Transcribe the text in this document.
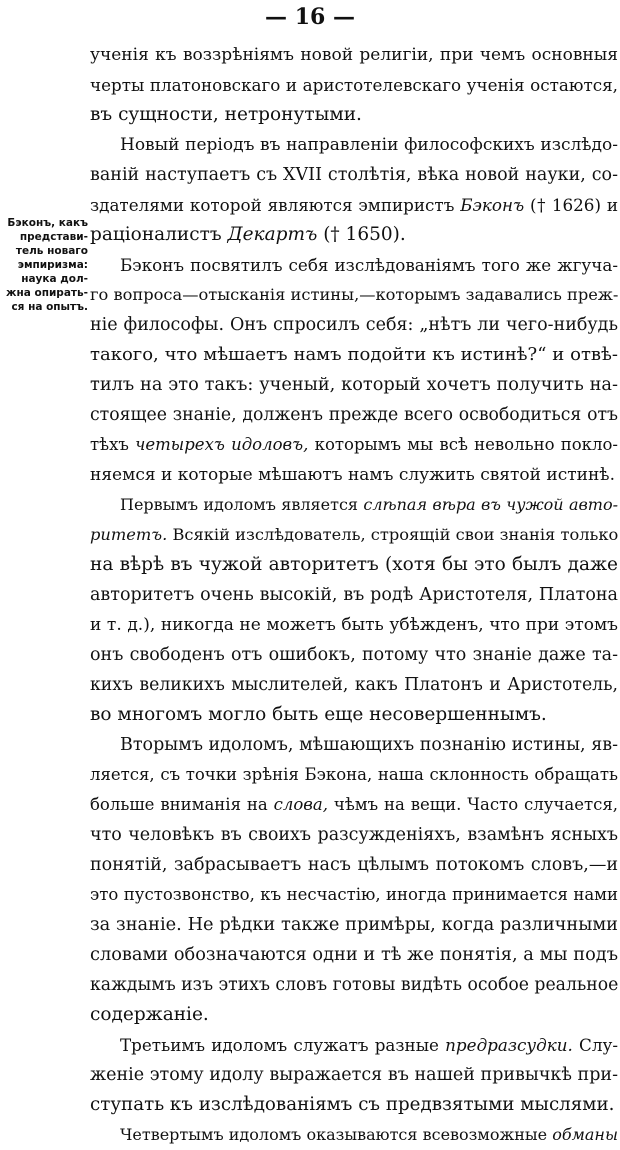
— 16 —
Бэконъ, какъ
представи-
тель новаго
эмпиризма:
наука дол-
жна опирать-
ся на опытъ.
ученія къ воззрѣніямъ новой религіи, при чемъ основныя
черты платоновскаго и аристотелевскаго ученія остаются,
въ сущности, нетронутыми.
Новый періодъ въ направленіи философскихъ изслѣдо-
ваній наступаетъ съ XVII столѣтія, вѣка новой науки, со-
здателями которой являются эмпиристъ Бэконъ († 1626) и
раціоналистъ Декартъ († 1650).
Бэконъ посвятилъ себя изслѣдованіямъ того же жгуча-
го вопроса—отысканія истины,—которымъ задавались преж-
ніе философы. Онъ спросилъ себя: „нѣтъ ли чего-нибудь
такого, что мѣшаетъ намъ подойти къ истинѣ?“ и отвѣ-
тилъ на это такъ: ученый, который хочетъ получить на-
стоящее знаніе, долженъ прежде всего освободиться отъ
тѣхъ четырехъ идоловъ, которымъ мы всѣ невольно покло-
няемся и которые мѣшаютъ намъ служить святой истинѣ.
Первымъ идоломъ является слѣпая вѣра въ чужой авто-
ритетъ. Всякій изслѣдователь, строящій свои знанія только
на вѣрѣ въ чужой авторитетъ (хотя бы это былъ даже
авторитетъ очень высокій, въ родѣ Аристотеля, Платона
и т. д.), никогда не можетъ быть убѣжденъ, что при этомъ
онъ свободенъ отъ ошибокъ, потому что знаніе даже та-
кихъ великихъ мыслителей, какъ Платонъ и Аристотель,
во многомъ могло быть еще несовершеннымъ.
Вторымъ идоломъ, мѣшающихъ познанію истины, яв-
ляется, съ точки зрѣнія Бэкона, наша склонность обращать
больше вниманія на слова, чѣмъ на вещи. Часто случается,
что человѣкъ въ своихъ разсужденіяхъ, взамѣнъ ясныхъ
понятій, забрасываетъ насъ цѣлымъ потокомъ словъ,—и
это пустозвонство, къ несчастію, иногда принимается нами
за знаніе. Не рѣдки также примѣры, когда различными
словами обозначаются одни и тѣ же понятія, а мы подъ
каждымъ изъ этихъ словъ готовы видѣть особое реальное
содержаніе.
Третьимъ идоломъ служатъ разные предразсудки. Слу-
женіе этому идолу выражается въ нашей привычкѣ при-
ступать къ изслѣдованіямъ съ предвзятыми мыслями.
Четвертымъ идоломъ оказываются всевозможные обманы
